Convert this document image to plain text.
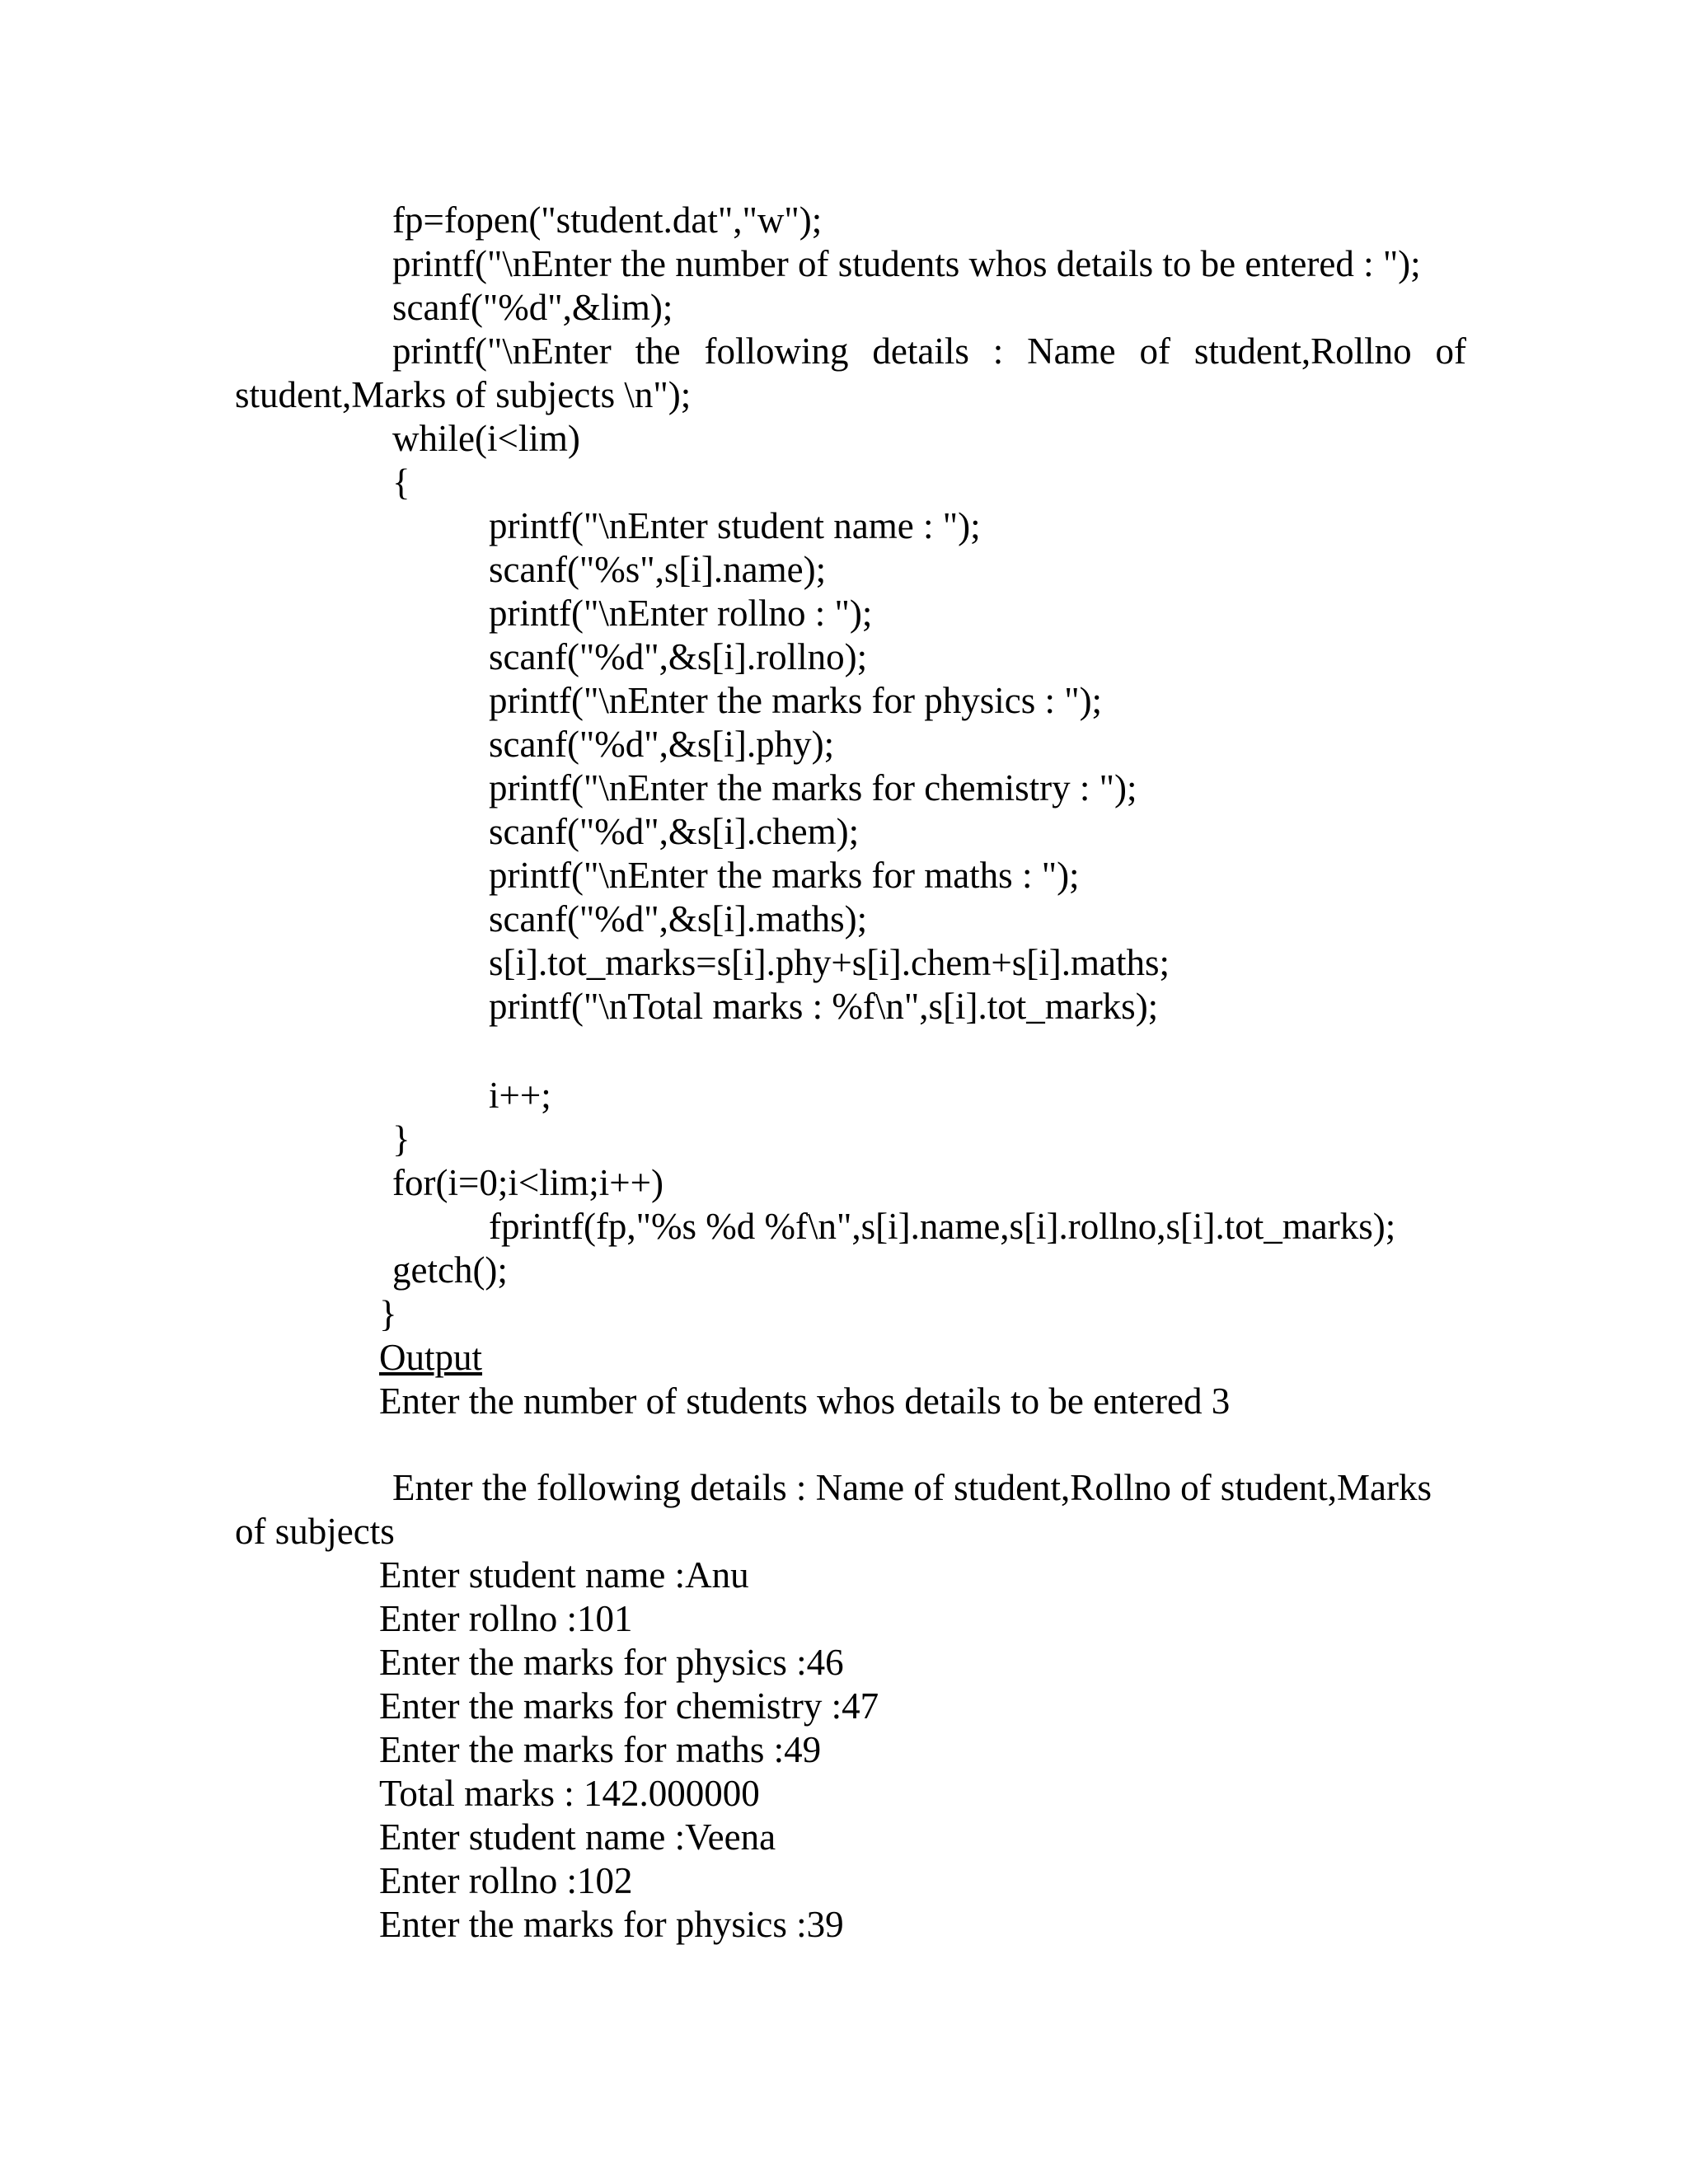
fp=fopen("student.dat","w");

printf("\nEnter the number of students whos details to be entered : ");

scanf("%d",&lim);

printf("\nEnter the following details : Name of student,Rollno of

student,Marks of subjects \n");

while(i<lim)

{

printf("\nEnter student name : ");

scanf("%s",s[i].name);

printf("\nEnter rollno : ");

scanf("%d",&s[i].rollno);

printf("\nEnter the marks for physics : ");

scanf("%d",&s[i].phy);

printf("\nEnter the marks for chemistry : ");

scanf("%d",&s[i].chem);

printf("\nEnter the marks for maths : ");

scanf("%d",&s[i].maths);

s[i].tot_marks=s[i].phy+s[i].chem+s[i].maths;

printf("\nTotal marks : %f\n",s[i].tot_marks);

i++;

}

for(i=0;i<lim;i++)

fprintf(fp,"%s %d %f\n",s[i].name,s[i].rollno,s[i].tot_marks);

getch();

}

Output

Enter the number of students whos details to be entered 3

Enter the following details : Name of student,Rollno of student,Marks

of subjects

Enter student name :Anu

Enter rollno :101

Enter the marks for physics :46

Enter the marks for chemistry :47

Enter the marks for maths :49

Total marks : 142.000000

Enter student name :Veena

Enter rollno :102

Enter the marks for physics :39
